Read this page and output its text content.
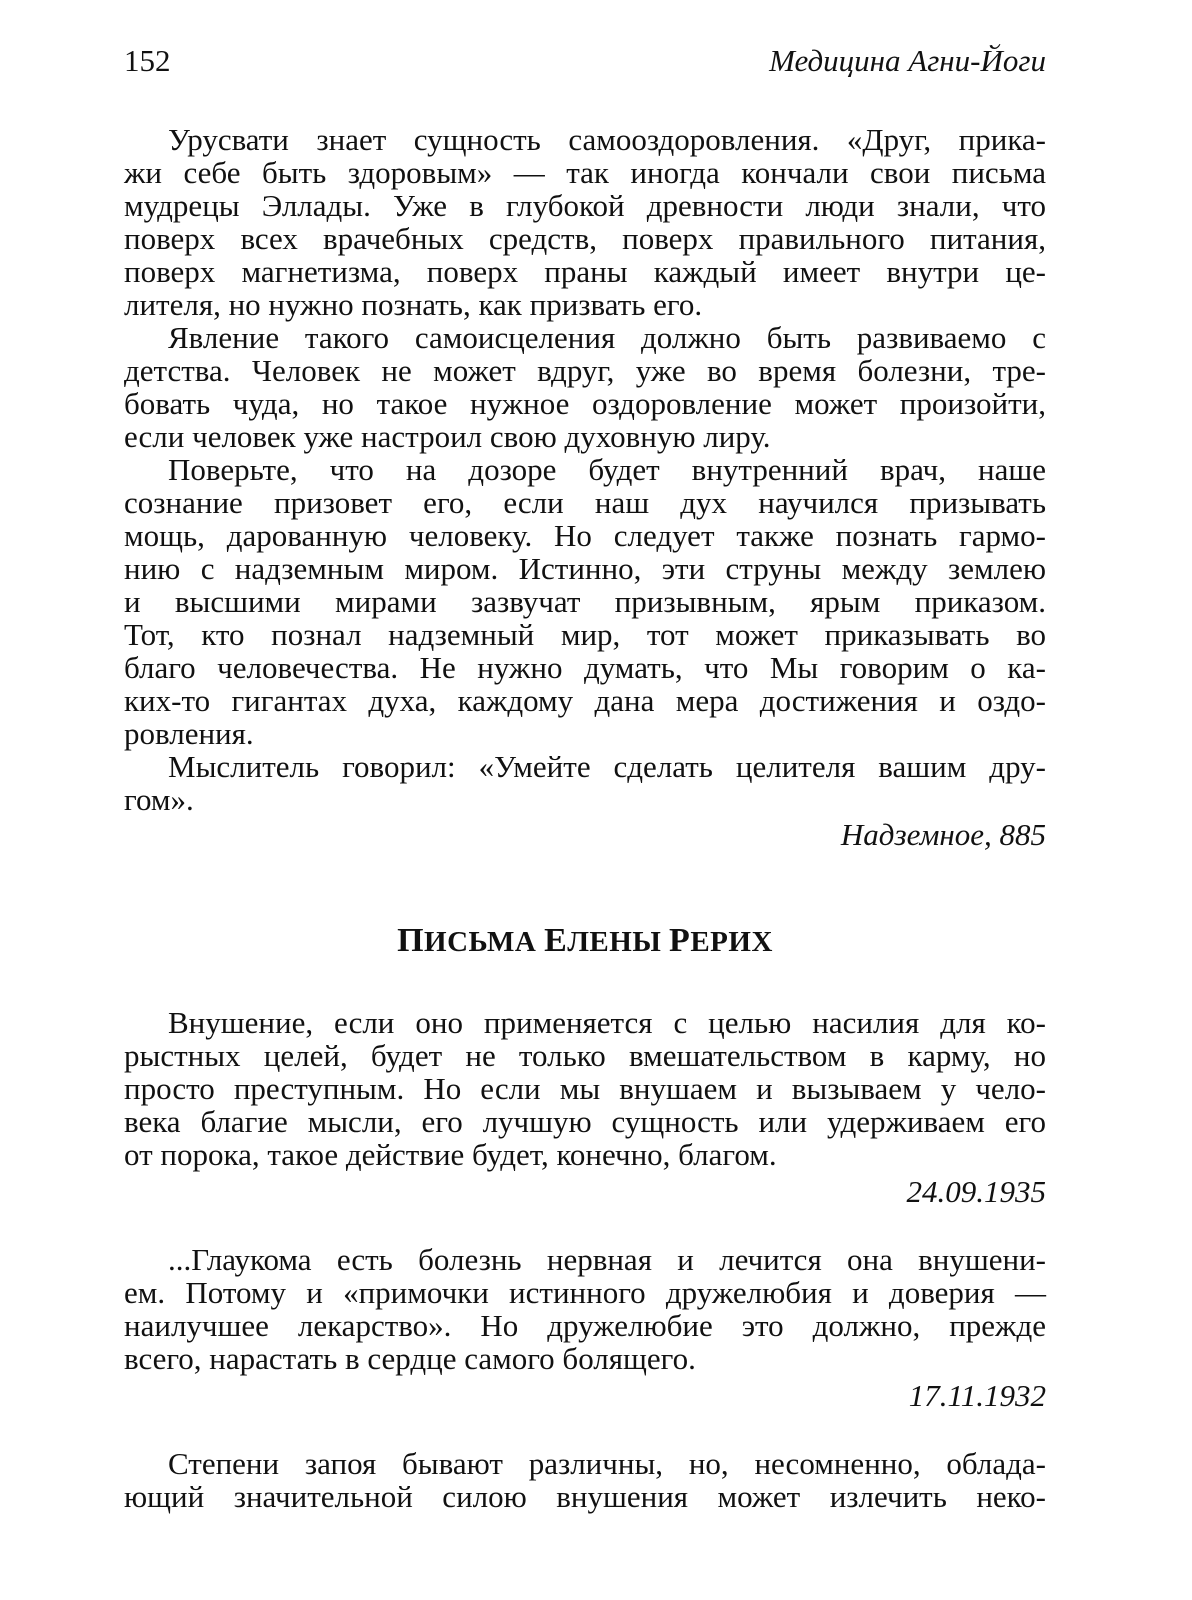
152	Медицина Агни-Йоги
Урусвати знает сущность самооздоровления. «Друг, прика-
жи себе быть здоровым» — так иногда кончали свои письма
мудрецы Эллады. Уже в глубокой древности люди знали, что
поверх всех врачебных средств, поверх правильного питания,
поверх магнетизма, поверх праны каждый имеет внутри це-
лителя, но нужно познать, как призвать его.
Явление такого самоисцеления должно быть развиваемо с
детства. Человек не может вдруг, уже во время болезни, тре-
бовать чуда, но такое нужное оздоровление может произойти,
если человек уже настроил свою духовную лиру.
Поверьте, что на дозоре будет внутренний врач, наше
сознание призовет его, если наш дух научился призывать
мощь, дарованную человеку. Но следует также познать гармо-
нию с надземным миром. Истинно, эти струны между землею
и высшими мирами зазвучат призывным, ярым приказом.
Тот, кто познал надземный мир, тот может приказывать во
благо человечества. Не нужно думать, что Мы говорим о ка-
ких-то гигантах духа, каждому дана мера достижения и оздо-
ровления.
Мыслитель говорил: «Умейте сделать целителя вашим дру-
гом».
Надземное, 885
ПИСЬМА ЕЛЕНЫ РЕРИХ
Внушение, если оно применяется с целью насилия для ко-
рыстных целей, будет не только вмешательством в карму, но
просто преступным. Но если мы внушаем и вызываем у чело-
века благие мысли, его лучшую сущность или удерживаем его
от порока, такое действие будет, конечно, благом.
24.09.1935
...Глаукома есть болезнь нервная и лечится она внушени-
ем. Потому и «примочки истинного дружелюбия и доверия —
наилучшее лекарство». Но дружелюбие это должно, прежде
всего, нарастать в сердце самого болящего.
17.11.1932
Степени запоя бывают различны, но, несомненно, облада-
ющий значительной силою внушения может излечить неко-
